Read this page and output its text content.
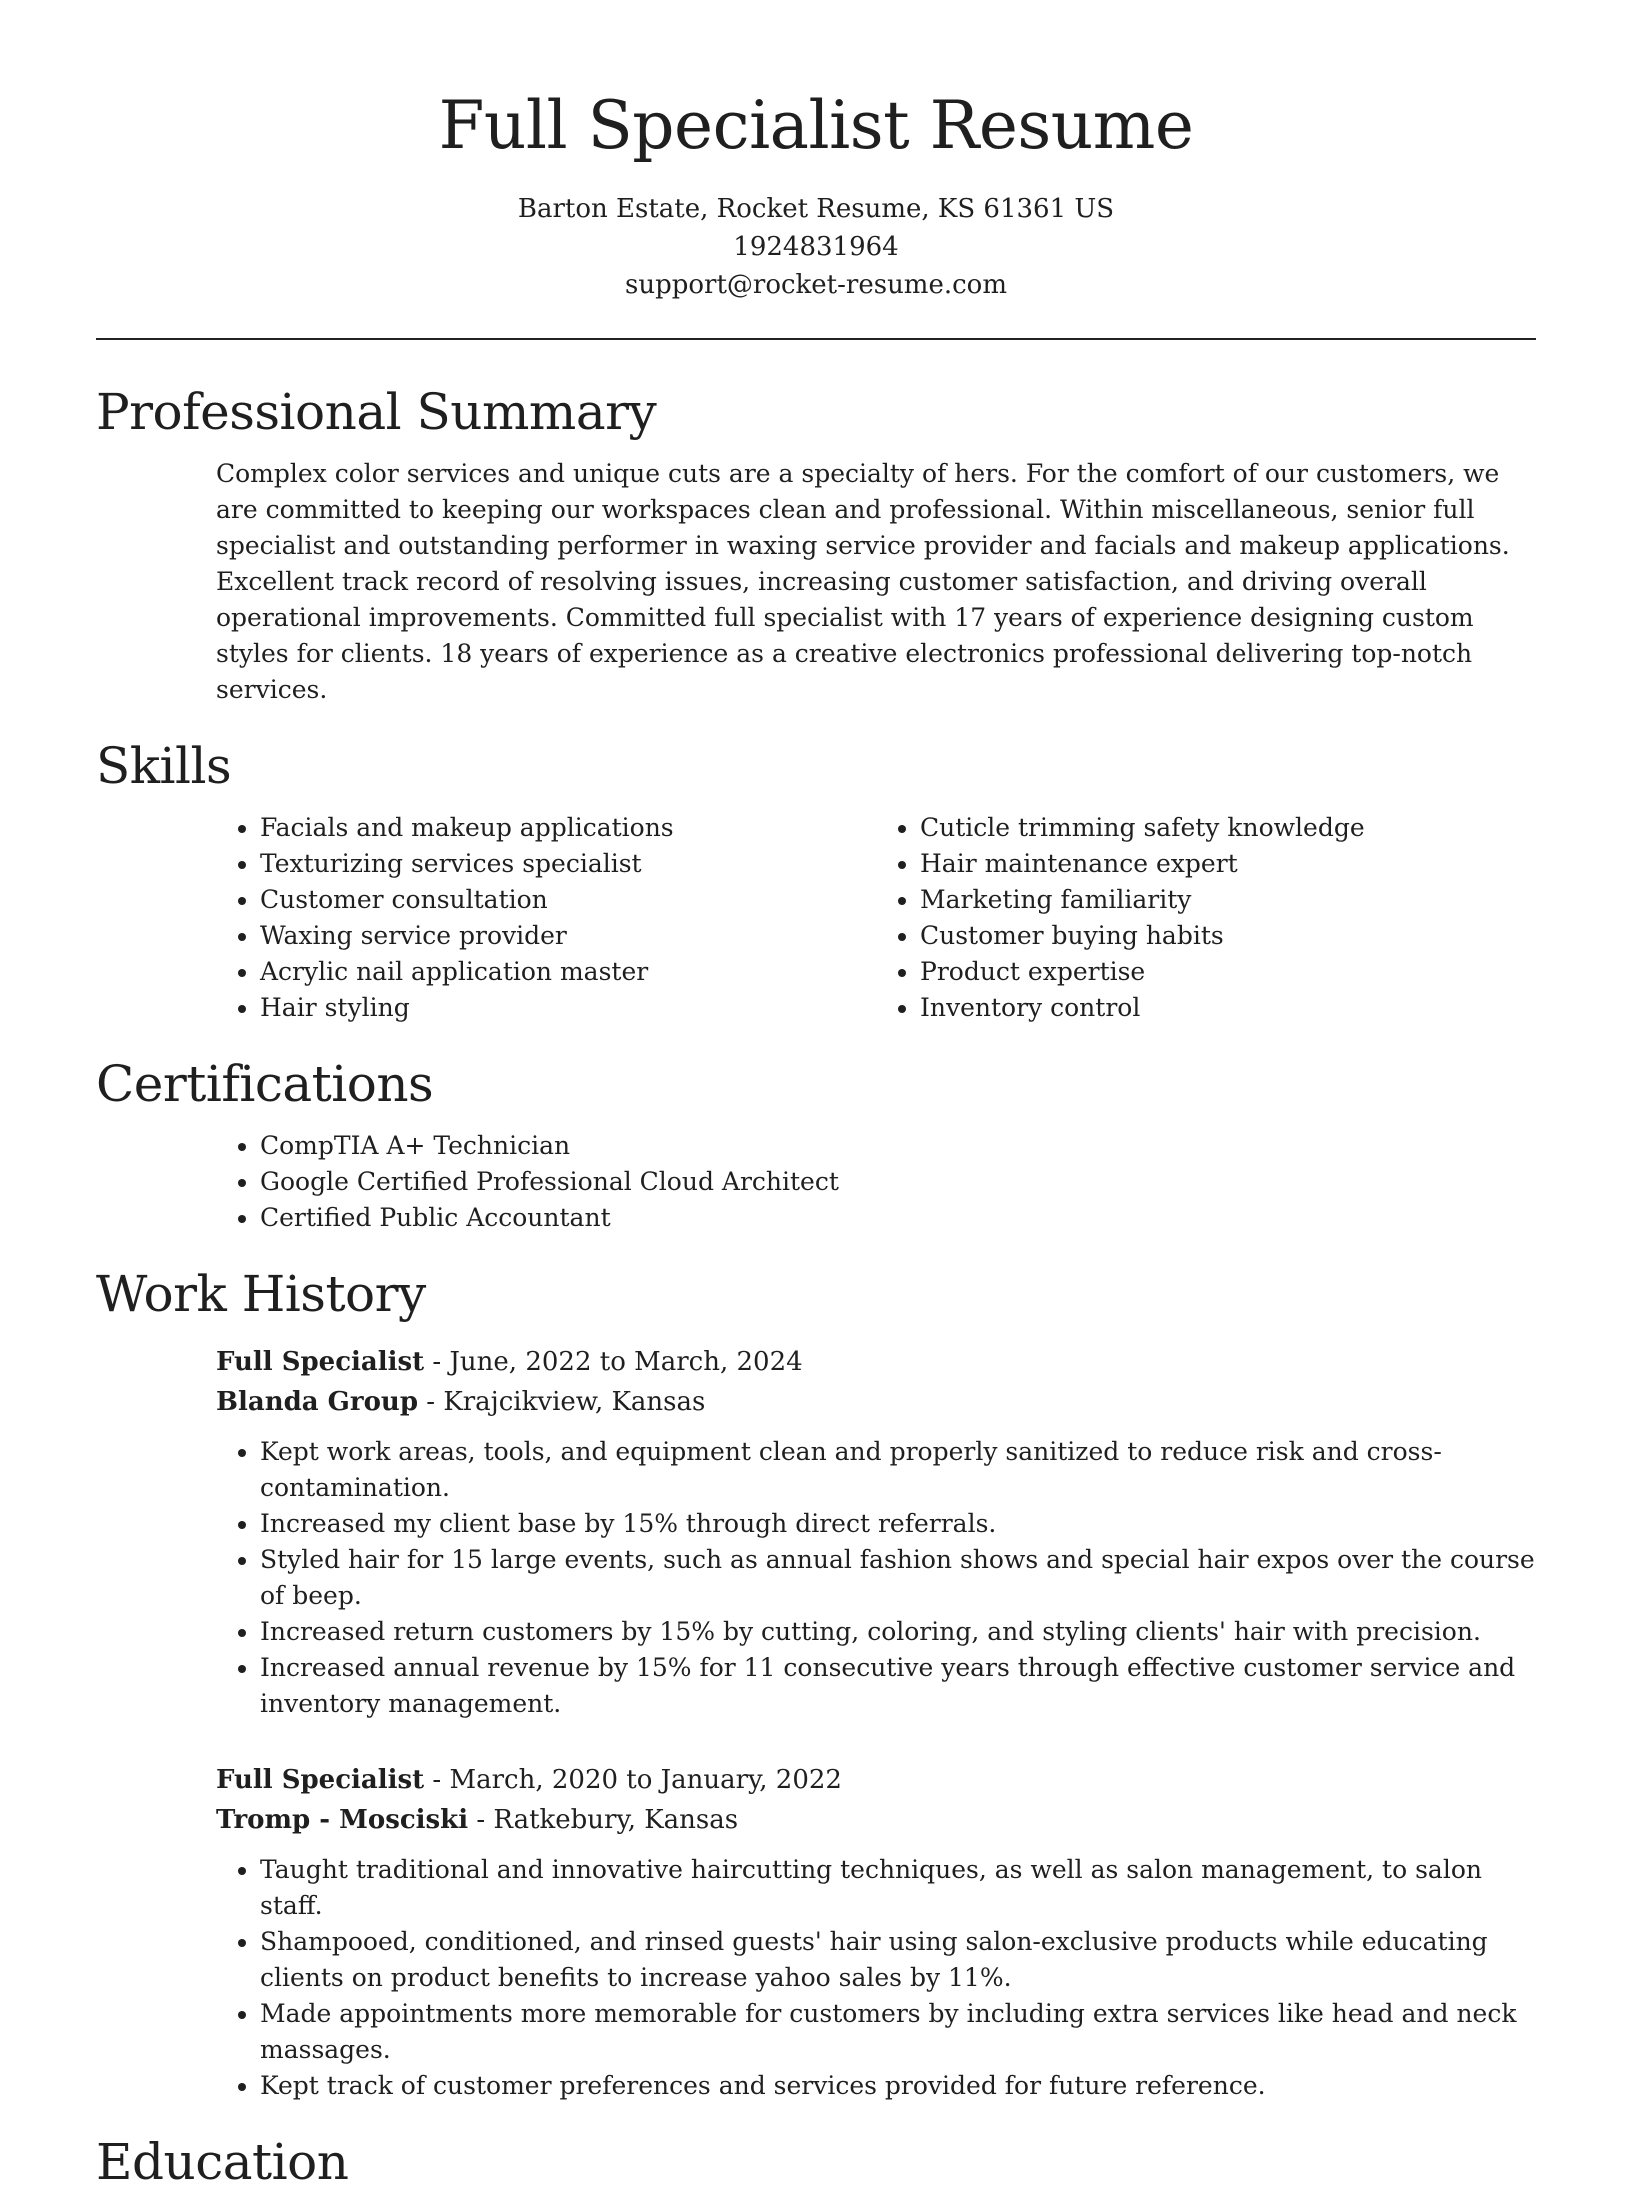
Full Specialist Resume
Barton Estate, Rocket Resume, KS 61361 US
1924831964
support@rocket-resume.com
Professional Summary

Complex color services and unique cuts are a specialty of hers. For the comfort of our customers, we are committed to keeping our workspaces clean and professional. Within miscellaneous, senior full specialist and outstanding performer in waxing service provider and facials and makeup applications. Excellent track record of resolving issues, increasing customer satisfaction, and driving overall operational improvements. Committed full specialist with 17 years of experience designing custom styles for clients. 18 years of experience as a creative electronics professional delivering top-notch services.

Skills
• Facials and makeup applications
• Texturizing services specialist
• Customer consultation
• Waxing service provider
• Acrylic nail application master
• Hair styling
• Cuticle trimming safety knowledge
• Hair maintenance expert
• Marketing familiarity
• Customer buying habits
• Product expertise
• Inventory control
Certifications
• CompTIA A+ Technician
• Google Certified Professional Cloud Architect
• Certified Public Accountant
Work History
Full Specialist - June, 2022 to March, 2024
Blanda Group - Krajcikview, Kansas
• Kept work areas, tools, and equipment clean and properly sanitized to reduce risk and cross-contamination.
• Increased my client base by 15% through direct referrals.
• Styled hair for 15 large events, such as annual fashion shows and special hair expos over the course of beep.
• Increased return customers by 15% by cutting, coloring, and styling clients' hair with precision.
• Increased annual revenue by 15% for 11 consecutive years through effective customer service and inventory management.
Full Specialist - March, 2020 to January, 2022
Tromp - Mosciski - Ratkebury, Kansas
• Taught traditional and innovative haircutting techniques, as well as salon management, to salon staff.
• Shampooed, conditioned, and rinsed guests' hair using salon-exclusive products while educating clients on product benefits to increase yahoo sales by 11%.
• Made appointments more memorable for customers by including extra services like head and neck massages.
• Kept track of customer preferences and services provided for future reference.
Education
